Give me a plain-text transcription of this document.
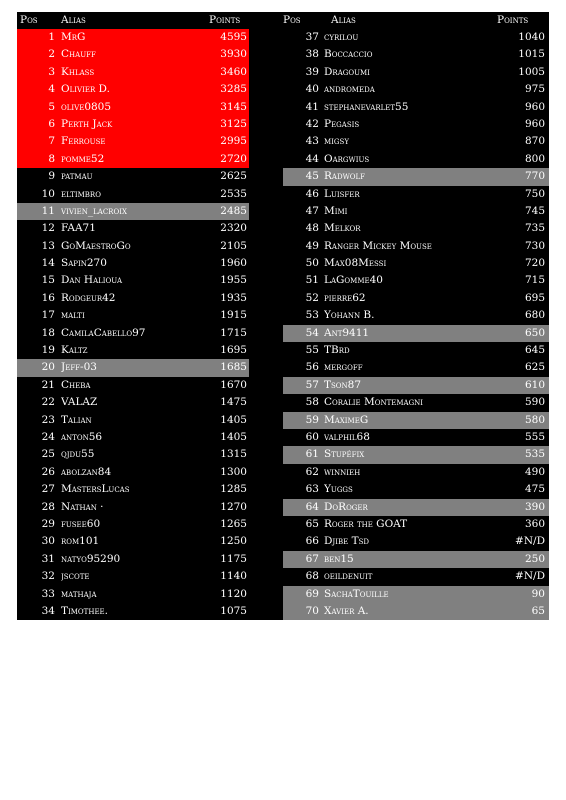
Pos Alias	Points
1 MrG	4595
2 Chauff	3930
3 Khlass	3460
4 Olivier D.	3285
5 olive0805	3145
6 Perth Jack	3125
7 Ferrouse	2995
8 pomme52	2720
9 patmau	2625
10 eltimbro	2535
11 vivien_lacroix	2485
12 FAA71	2320
13 GoMaestroGo	2105
14 Sapin270	1960
15 Dan Halioua	1955
16 Rodgeur42	1935
17 malti	1915
18 CamilaCabello97	1715
19 Kaltz	1695
20 Jeff-03	1685
21 Cheba	1670
22 VALAZ	1475
23 Talian	1405
24 anton56	1405
25 qjdu55	1315
26 abolzan84	1300
27 MastersLucas	1285
28 Nathan ·	1270
29 fusee60	1265
30 rom101	1250
31 natyo95290	1175
32 jscote	1140
33 mathaja	1120
34 Timothee.	1075
Pos	Alias	Points
37 cyrilou	1040
38 Boccaccio	1015
39 Dragoumi	1005
40 andromeda	975
41 stephanevarlet55	960
42 Pegasis	960
43 migsy	870
44 Oargwius	800
45 Radwolf	770
46 Luisfer	750
47 Mimi	745
48 Melkor	735
49 Ranger Mickey Mouse	730
50 Max08Messi	720
51 LaGomme40	715
52 pierre62	695
53 Yohann B.	680
54 Ant9411	650
55 TBrd	645
56 mergoff	625
57 Tson87	610
58 Coralie Montemagni	590
59 MaximeG	580
60 valphil68	555
61 Stupéfix	535
62 winnieh	490
63 Yuggs	475
64 DoRoger	390
65 Roger the GOAT	360
66 Djibe Tsd	#N/D
67 ben15	250
68 oeildenuit	#N/D
69 SachaTouille	90
70 Xavier A.	65
